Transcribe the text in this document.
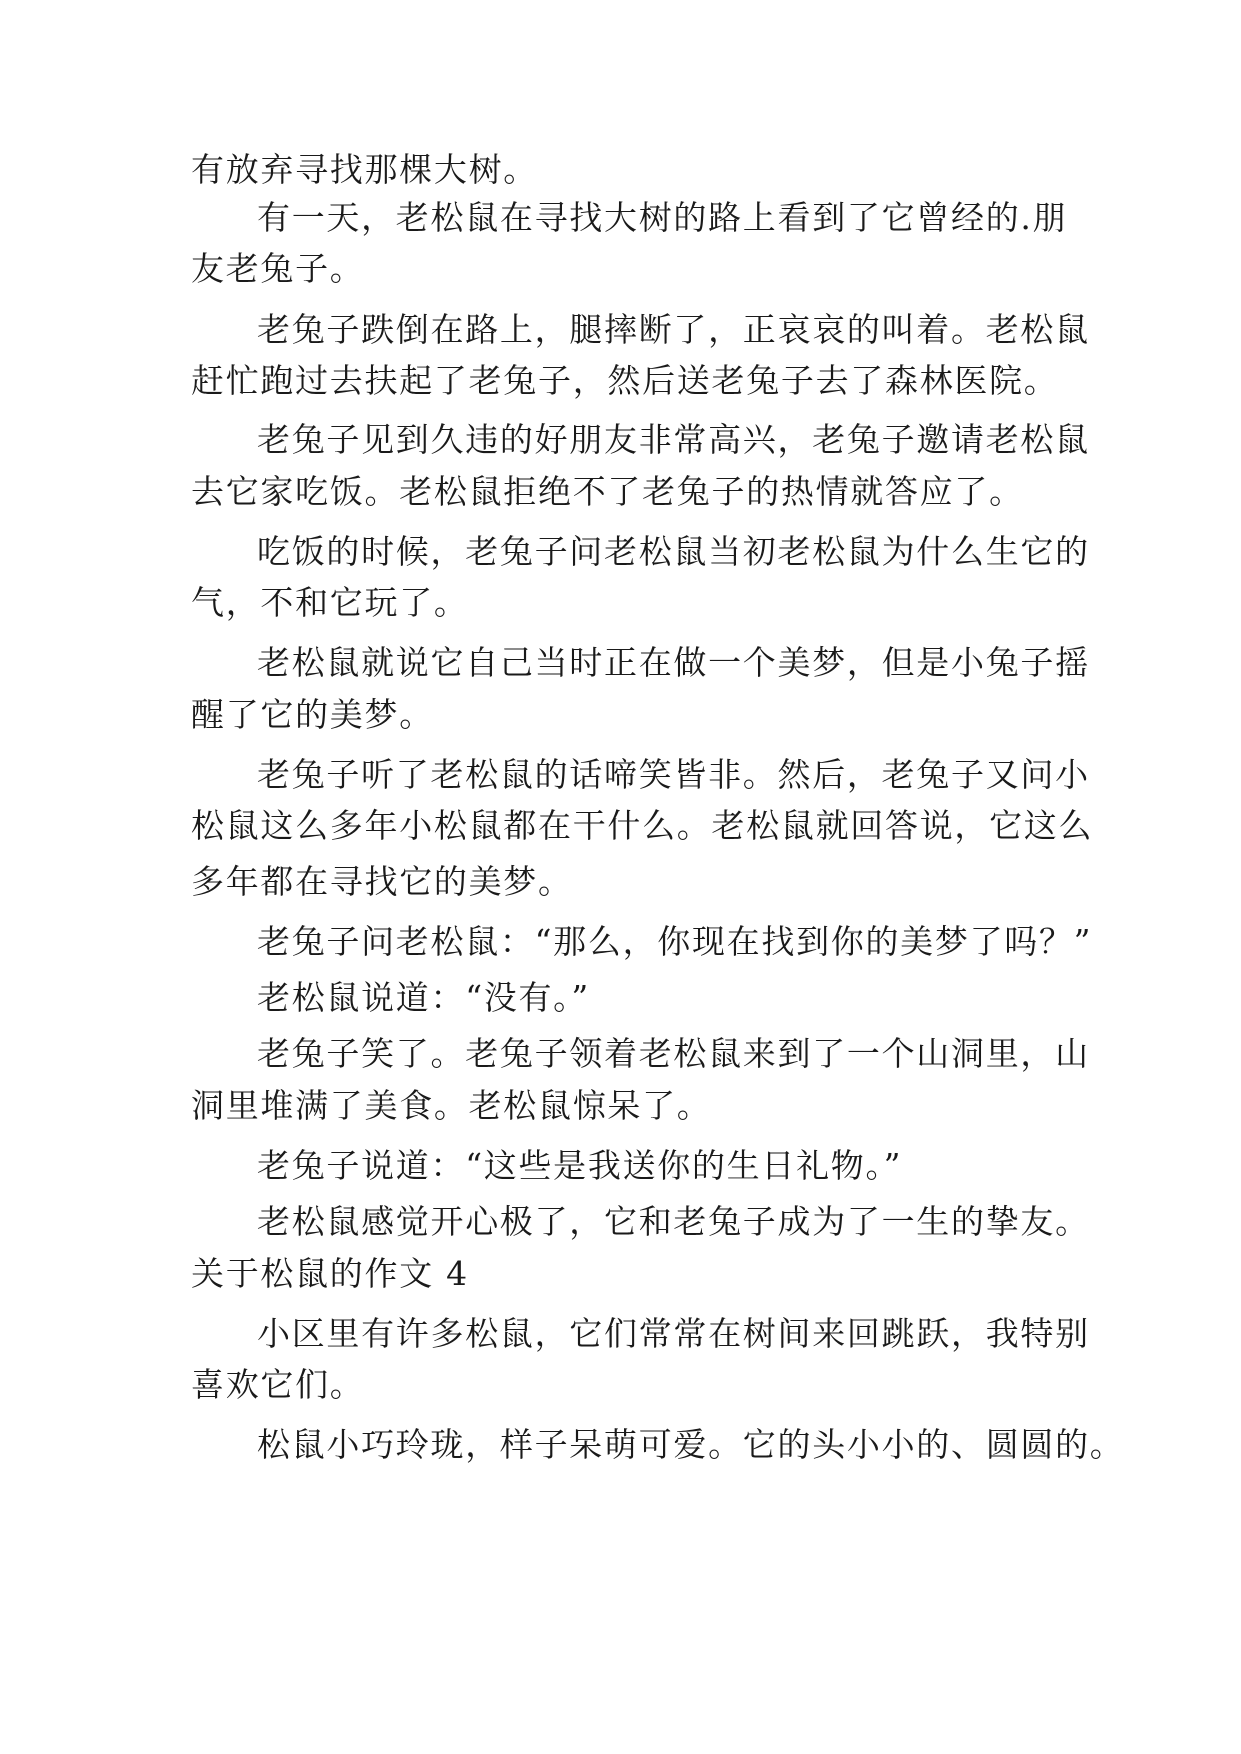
有放弃寻找那棵大树。
有一天，老松鼠在寻找大树的路上看到了它曾经的.朋
友老兔子。
老兔子跌倒在路上，腿摔断了，正哀哀的叫着。老松鼠
赶忙跑过去扶起了老兔子，然后送老兔子去了森林医院。
老兔子见到久违的好朋友非常高兴，老兔子邀请老松鼠
去它家吃饭。老松鼠拒绝不了老兔子的热情就答应了。
吃饭的时候，老兔子问老松鼠当初老松鼠为什么生它的
气，不和它玩了。
老松鼠就说它自己当时正在做一个美梦，但是小兔子摇
醒了它的美梦。
老兔子听了老松鼠的话啼笑皆非。然后，老兔子又问小
松鼠这么多年小松鼠都在干什么。老松鼠就回答说，它这么
多年都在寻找它的美梦。
老兔子问老松鼠：“那么，你现在找到你的美梦了吗？”
老松鼠说道：“没有。”
老兔子笑了。老兔子领着老松鼠来到了一个山洞里，山
洞里堆满了美食。老松鼠惊呆了。
老兔子说道：“这些是我送你的生日礼物。”
老松鼠感觉开心极了，它和老兔子成为了一生的挚友。
关于松鼠的作文 4
小区里有许多松鼠，它们常常在树间来回跳跃，我特别
喜欢它们。
松鼠小巧玲珑，样子呆萌可爱。它的头小小的、圆圆的。
